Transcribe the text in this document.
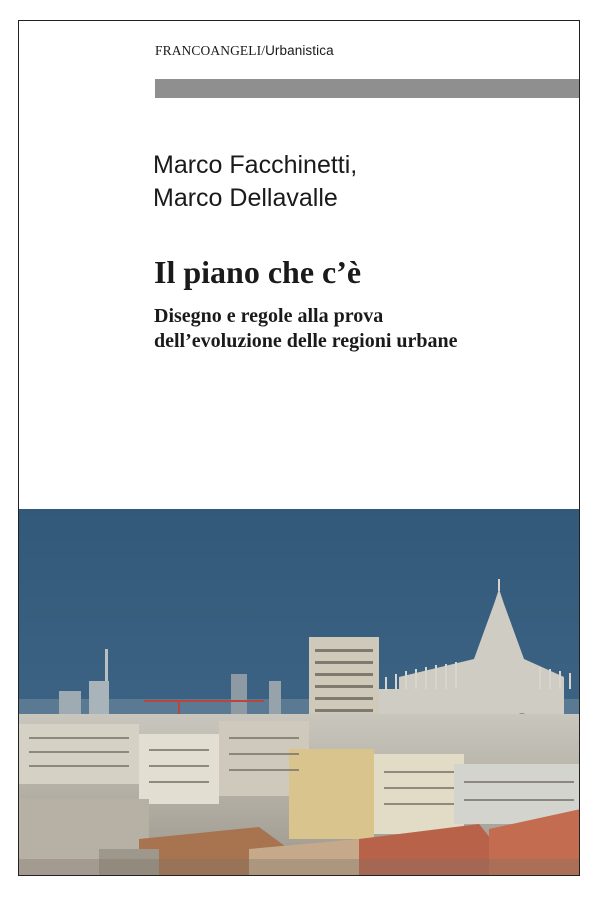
FRANCOANGELI/Urbanistica
Marco Facchinetti,
Marco Dellavalle
Il piano che c’è
Disegno e regole alla prova
dell’evoluzione delle regioni urbane
